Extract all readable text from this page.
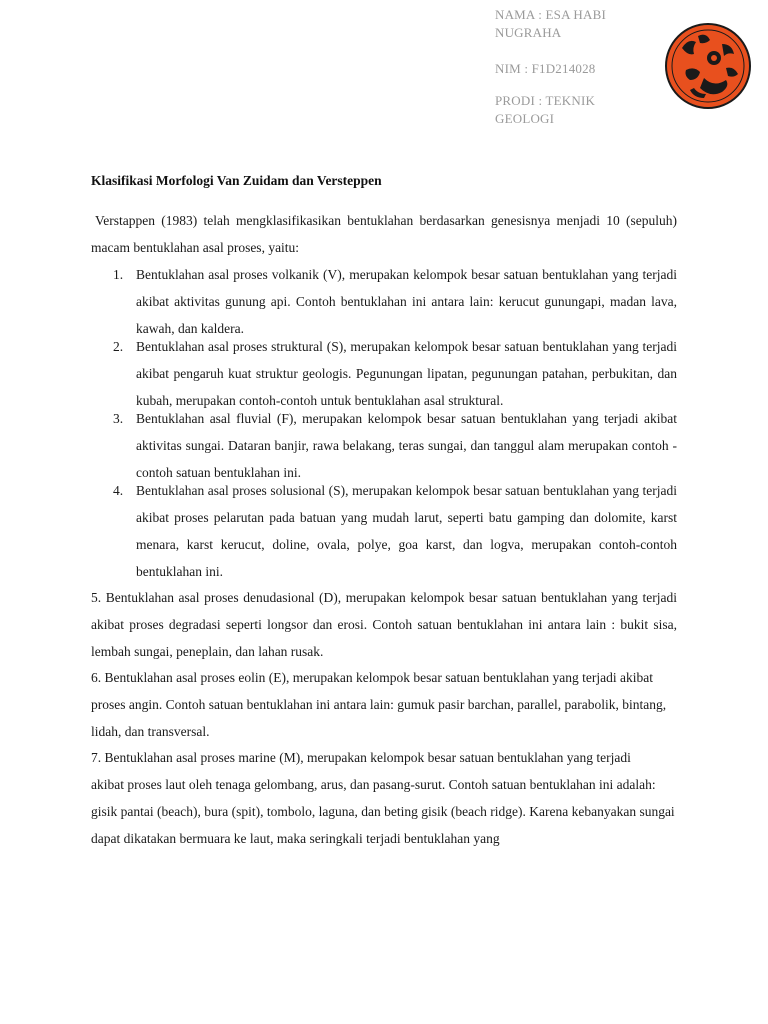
NAMA : ESA HABI NUGRAHA
NIM : F1D214028
PRODI : TEKNIK GEOLOGI
Klasifikasi Morfologi Van Zuidam dan Versteppen

Verstappen (1983) telah mengklasifikasikan bentuklahan berdasarkan genesisnya menjadi 10 (sepuluh) macam bentuklahan asal proses, yaitu:

1. Bentuklahan asal proses volkanik (V), merupakan kelompok besar satuan bentuklahan yang terjadi akibat aktivitas gunung api. Contoh bentuklahan ini antara lain: kerucut gunungapi, madan lava, kawah, dan kaldera.
2. Bentuklahan asal proses struktural (S), merupakan kelompok besar satuan bentuklahan yang terjadi akibat pengaruh kuat struktur geologis. Pegunungan lipatan, pegunungan patahan, perbukitan, dan kubah, merupakan contoh-contoh untuk bentuklahan asal struktural.
3. Bentuklahan asal fluvial (F), merupakan kelompok besar satuan bentuklahan yang terjadi akibat aktivitas sungai. Dataran banjir, rawa belakang, teras sungai, dan tanggul alam merupakan contoh - contoh satuan bentuklahan ini.
4. Bentuklahan asal proses solusional (S), merupakan kelompok besar satuan bentuklahan yang terjadi akibat proses pelarutan pada batuan yang mudah larut, seperti batu gamping dan dolomite, karst menara, karst kerucut, doline, ovala, polye, goa karst, dan logva, merupakan contoh-contoh bentuklahan ini.

5. Bentuklahan asal proses denudasional (D), merupakan kelompok besar satuan bentuklahan yang terjadi akibat proses degradasi seperti longsor dan erosi. Contoh satuan bentuklahan ini antara lain : bukit sisa, lembah sungai, peneplain, dan lahan rusak.

6. Bentuklahan asal proses eolin (E), merupakan kelompok besar satuan bentuklahan yang terjadi akibat proses angin. Contoh satuan bentuklahan ini antara lain: gumuk pasir barchan, parallel, parabolik, bintang, lidah, dan transversal.

7. Bentuklahan asal proses marine (M), merupakan kelompok besar satuan bentuklahan yang terjadi

akibat proses laut oleh tenaga gelombang, arus, dan pasang-surut. Contoh satuan bentuklahan ini adalah: gisik pantai (beach), bura (spit), tombolo, laguna, dan beting gisik (beach ridge). Karena kebanyakan sungai dapat dikatakan bermuara ke laut, maka seringkali terjadi bentuklahan yang
